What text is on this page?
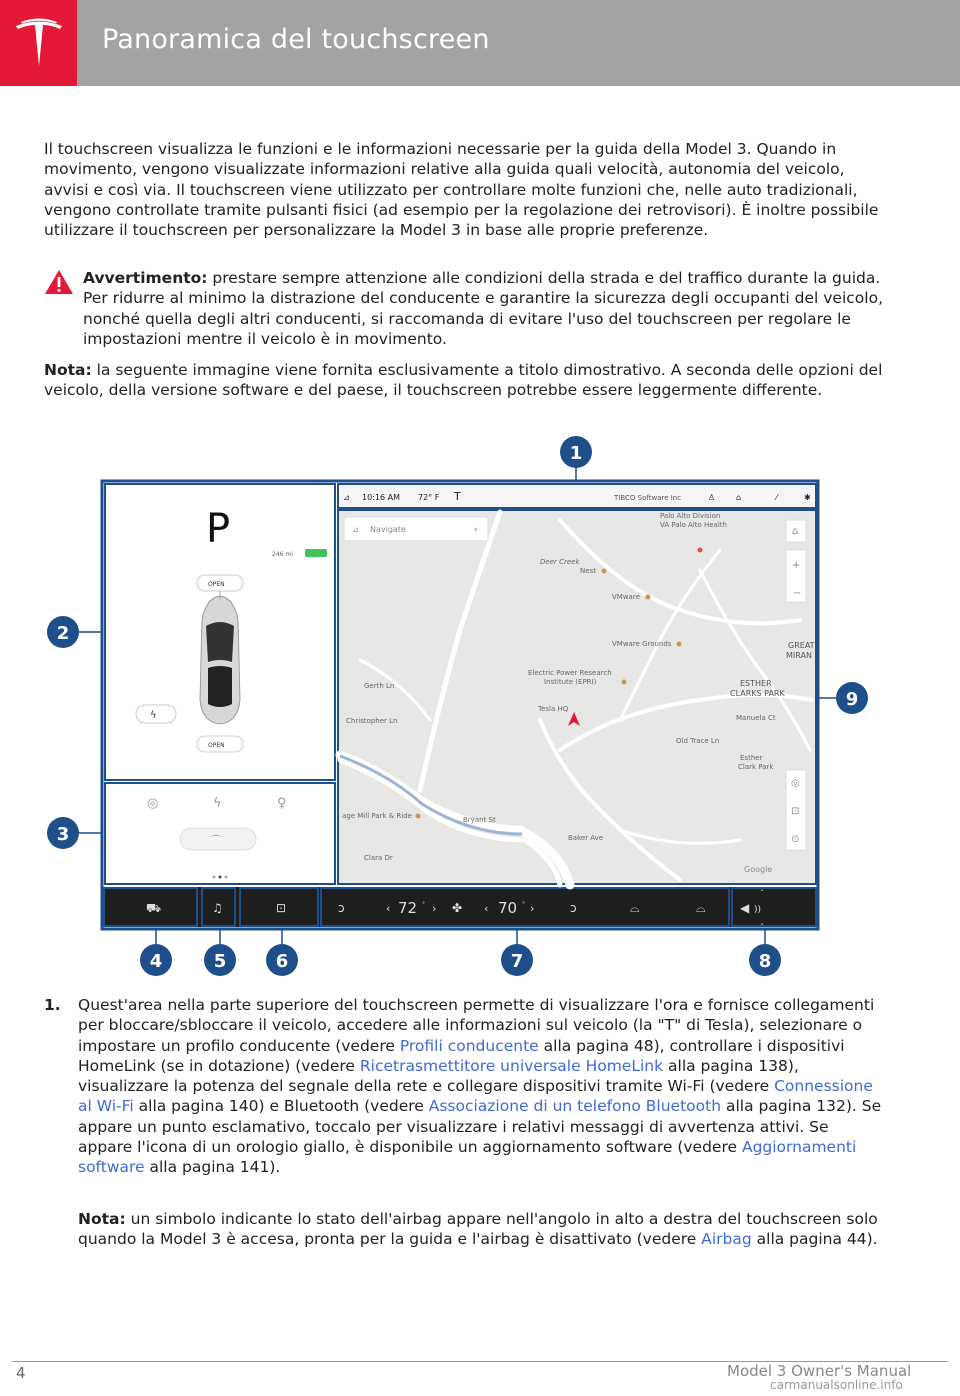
Panoramica del touchscreen

Il touchscreen visualizza le funzioni e le informazioni necessarie per la guida della Model 3. Quando in movimento, vengono visualizzate informazioni relative alla guida quali velocità, autonomia del veicolo, avvisi e così via. Il touchscreen viene utilizzato per controllare molte funzioni che, nelle auto tradizionali, vengono controllate tramite pulsanti fisici (ad esempio per la regolazione dei retrovisori). È inoltre possibile utilizzare il touchscreen per personalizzare la Model 3 in base alle proprie preferenze.

Avvertimento: prestare sempre attenzione alle condizioni della strada e del traffico durante la guida. Per ridurre al minimo la distrazione del conducente e garantire la sicurezza degli occupanti del veicolo, nonché quella degli altri conducenti, si raccomanda di evitare l'uso del touchscreen per regolare le impostazioni mentre il veicolo è in movimento.

Nota: la seguente immagine viene fornita esclusivamente a titolo dimostrativo. A seconda delle opzioni del veicolo, della versione software e del paese, il touchscreen potrebbe essere leggermente differente.

Deer Creek
Nest
VMware
VMware Grounds
Electric Power Research
Institute (EPRI)
Tesla HQ
Palo Alto Division
VA Palo Alto Health
ESTHER
CLARKS PARK
GREAT
MIRAN
Esther
Clark Park
age Mill Park & Ride
Google
Manuela Ct
Old Trace Ln
Christopher Ln
Gerth Ln
Clara Dr
Baker Ave
Bryant St
⊿ Navigate	›	⌂
+
−
◎
⊡
⊙
⊿ 10:16 AM 72° F T	TIBCO Software Inc	♙	⌂	⁄	✱
P
246 mi
OPEN
OPEN
ϟ
◎	ϟ	♀
⌒
⛟	♫	⊡	ↄ	‹ 72 ° › ✤ ‹ 70 ° ›	ↄ	⌓	⌓	◀ ))
ˆ
ˇ
1
2
3
4	5	6	7	8
9
1. Quest'area nella parte superiore del touchscreen permette di visualizzare l'ora e fornisce collegamenti per bloccare/sbloccare il veicolo, accedere alle informazioni sul veicolo (la "T" di Tesla), selezionare o impostare un profilo conducente (vedere Profili conducente alla pagina 48), controllare i dispositivi HomeLink (se in dotazione) (vedere Ricetrasmettitore universale HomeLink alla pagina 138), visualizzare la potenza del segnale della rete e collegare dispositivi tramite Wi-Fi (vedere Connessione al Wi-Fi alla pagina 140) e Bluetooth (vedere Associazione di un telefono Bluetooth alla pagina 132). Se appare un punto esclamativo, toccalo per visualizzare i relativi messaggi di avvertenza attivi. Se appare l'icona di un orologio giallo, è disponibile un aggiornamento software (vedere Aggiornamenti software alla pagina 141).

Nota: un simbolo indicante lo stato dell'airbag appare nell'angolo in alto a destra del touchscreen solo quando la Model 3 è accesa, pronta per la guida e l'airbag è disattivato (vedere Airbag alla pagina 44).

4	Model 3 Owner's Manual
carmanualsonline.info
